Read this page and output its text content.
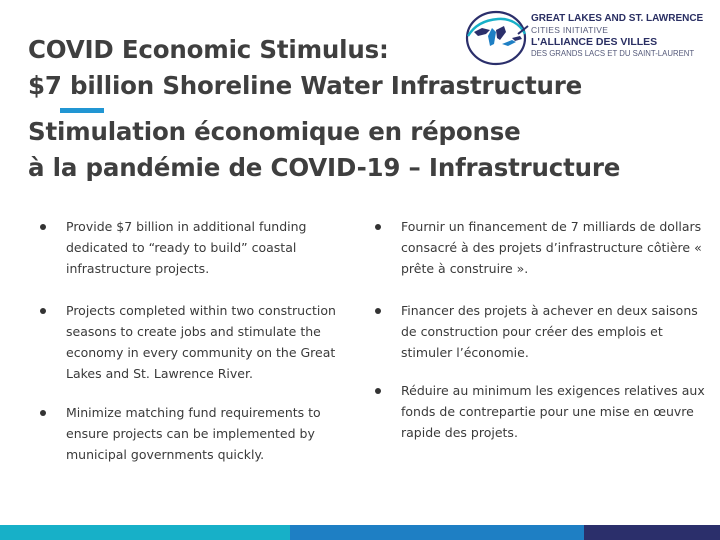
COVID Economic Stimulus:
$7 billion Shoreline Water Infrastructure
Stimulation économique en réponse
à la pandémie de COVID-19 – Infrastructure
GREAT LAKES AND ST. LAWRENCE
CITIES INITIATIVE
L'ALLIANCE DES VILLES
DES GRANDS LACS ET DU SAINT-LAURENT
Provide $7 billion in additional funding dedicated to “ready to build” coastal infrastructure projects.
Projects completed within two construction seasons to create jobs and stimulate the economy in every community on the Great Lakes and St. Lawrence River.
Minimize matching fund requirements to ensure projects can be implemented by municipal governments quickly.
Fournir un financement de 7 milliards de dollars consacré à des projets d’infrastructure côtière « prête à construire ».
Financer des projets à achever en deux saisons de construction pour créer des emplois et stimuler l’économie.
Réduire au minimum les exigences relatives aux fonds de contrepartie pour une mise en œuvre rapide des projets.
